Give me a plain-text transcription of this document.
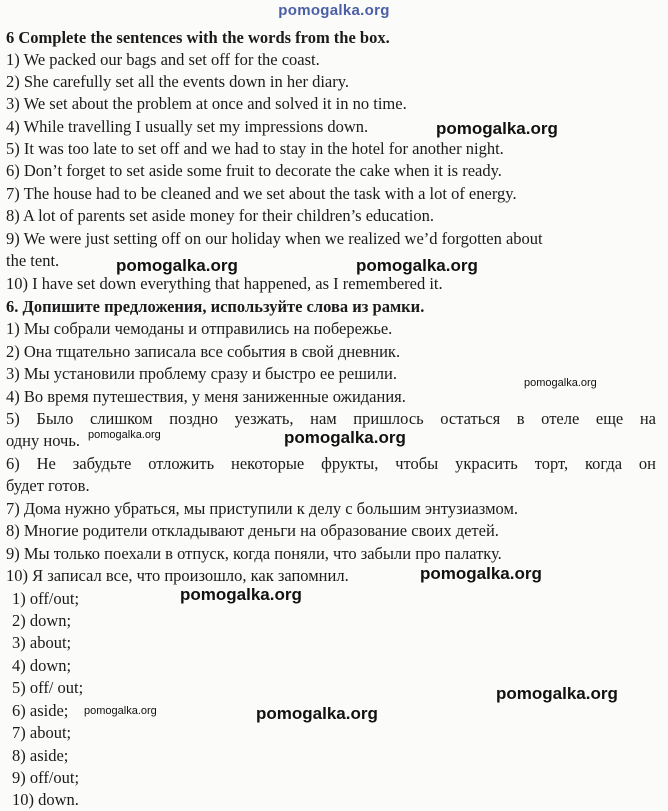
pomogalka.org
6 Complete the sentences with the words from the box.
1) We packed our bags and set off for the coast.
2) She carefully set all the events down in her diary.
3) We set about the problem at once and solved it in no time.
4) While travelling I usually set my impressions down.
5) It was too late to set off and we had to stay in the hotel for another night.
6) Don’t forget to set aside some fruit to decorate the cake when it is ready.
7) The house had to be cleaned and we set about the task with a lot of energy.
8) A lot of parents set aside money for their children’s education.
9) We were just setting off on our holiday when we realized we’d forgotten about
the tent.
10) I have set down everything that happened, as I remembered it.
6. Допишите предложения, используйте слова из рамки.
1) Мы собрали чемоданы и отправились на побережье.
2) Она тщательно записала все события в свой дневник.
3) Мы установили проблему сразу и быстро ее решили.
4) Во время путешествия, у меня заниженные ожидания.
5) Было слишком поздно уезжать, нам пришлось остаться в отеле еще на
одну ночь.
6) Не забудьте отложить некоторые фрукты, чтобы украсить торт, когда он
будет готов.
7) Дома нужно убраться, мы приступили к делу с большим энтузиазмом.
8) Многие родители откладывают деньги на образование своих детей.
9) Мы только поехали в отпуск, когда поняли, что забыли про палатку.
10) Я записал все, что произошло, как запомнил.
1) off/out;
2) down;
3) about;
4) down;
5) off/ out;
6) aside;
7) about;
8) aside;
9) off/out;
10) down.
pomogalka.org
pomogalka.org	pomogalka.org
pomogalka.org
pomogalka.org	pomogalka.org
pomogalka.org
pomogalka.org
pomogalka.org
pomogalka.org	pomogalka.org
